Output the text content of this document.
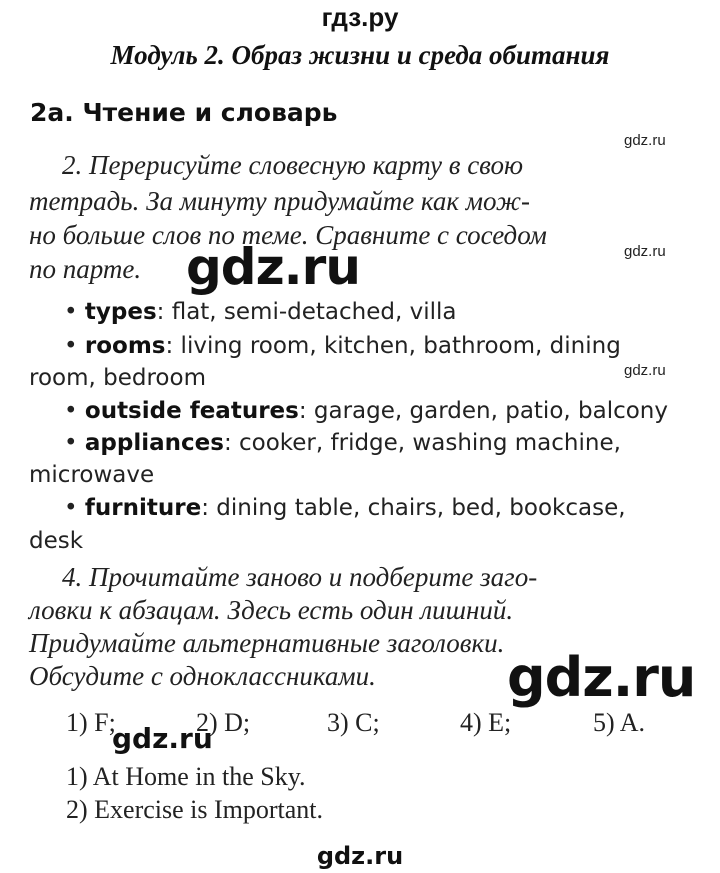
гдз.ру
Модуль 2. Образ жизни и среда обитания
2a. Чтение и словарь
gdz.ru
gdz.ru
gdz.ru
2. Перерисуйте словесную карту в свою
тетрадь. За минуту придумайте как мож-
но больше слов по теме. Сравните с соседом
по парте. gdz.ru
• types: flat, semi-detached, villa
• rooms: living room, kitchen, bathroom, dining
room, bedroom
• outside features: garage, garden, patio, balcony
• appliances: cooker, fridge, washing machine,
microwave
• furniture: dining table, chairs, bed, bookcase,
desk
4. Прочитайте заново и подберите заго-
ловки к абзацам. Здесь есть один лишний.
Придумайте альтернативные заголовки.
Обсудите с одноклассниками. gdz.ru
1) F;	2) D;	3) C;	4) E;	5) A.
gdz.ru
1) At Home in the Sky.
2) Exercise is Important.
gdz.ru
